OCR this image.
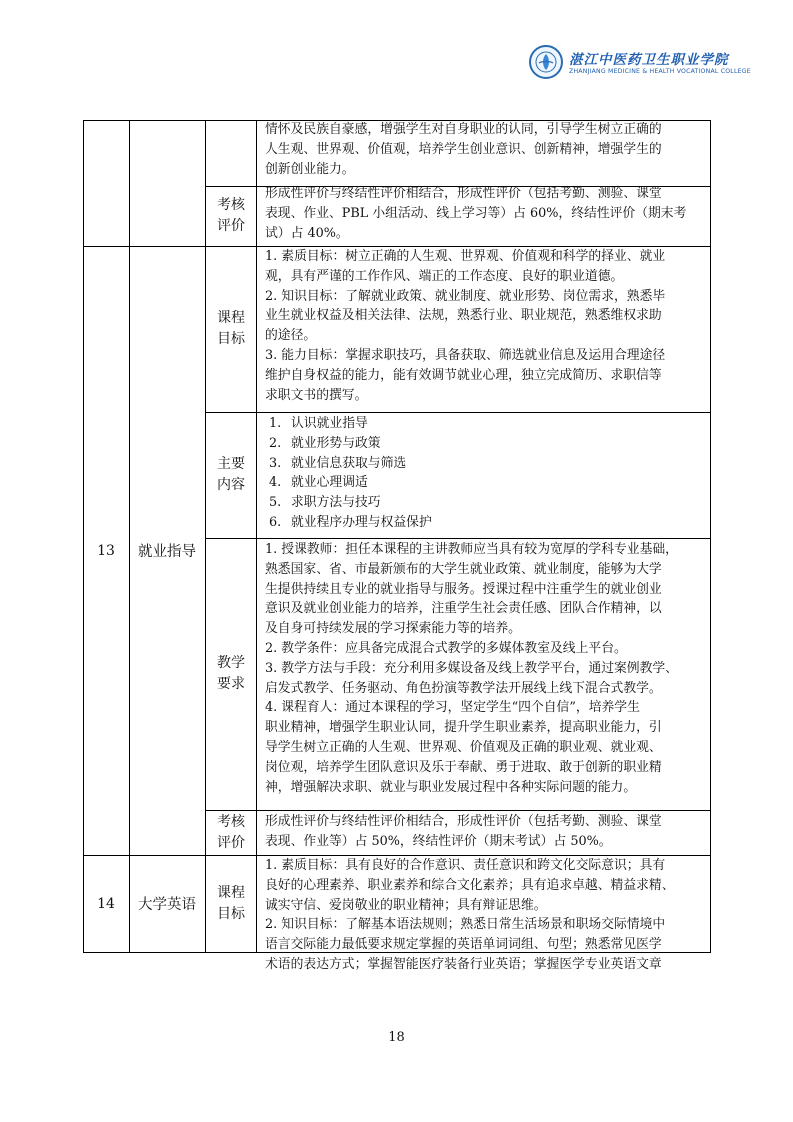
湛江中医药卫生职业学院
ZHANJIANG MEDICINE & HEALTH VOCATIONAL COLLEGE

情怀及民族自豪感，增强学生对自身职业的认同，引导学生树立正确的

人生观、世界观、价值观，培养学生创业意识、创新精神，增强学生的

创新创业能力。

考核评价

形成性评价与终结性评价相结合，形成性评价（包括考勤、测验、课堂

表现、作业、PBL 小组活动、线上学习等）占 60%，终结性评价（期末考

试）占 40%。

13	就业指导
课程目标

1. 素质目标：树立正确的人生观、世界观、价值观和科学的择业、就业

观，具有严谨的工作作风、端正的工作态度、良好的职业道德。

2. 知识目标：了解就业政策、就业制度、就业形势、岗位需求，熟悉毕

业生就业权益及相关法律、法规，熟悉行业、职业规范，熟悉维权求助

的途径。

3. 能力目标：掌握求职技巧，具备获取、筛选就业信息及运用合理途径

维护自身权益的能力，能有效调节就业心理，独立完成简历、求职信等

求职文书的撰写。

主要内容
1. 认识就业指导
2. 就业形势与政策
3. 就业信息获取与筛选
4. 就业心理调适
5. 求职方法与技巧
6. 就业程序办理与权益保护
教学要求

1. 授课教师：担任本课程的主讲教师应当具有较为宽厚的学科专业基础，

熟悉国家、省、市最新颁布的大学生就业政策、就业制度，能够为大学

生提供持续且专业的就业指导与服务。授课过程中注重学生的就业创业

意识及就业创业能力的培养，注重学生社会责任感、团队合作精神，以

及自身可持续发展的学习探索能力等的培养。

2. 教学条件：应具备完成混合式教学的多媒体教室及线上平台。

3. 教学方法与手段：充分利用多媒设备及线上教学平台，通过案例教学、

启发式教学、任务驱动、角色扮演等教学法开展线上线下混合式教学。

4. 课程育人：通过本课程的学习，坚定学生“四个自信”，培养学生

职业精神，增强学生职业认同，提升学生职业素养，提高职业能力，引

导学生树立正确的人生观、世界观、价值观及正确的职业观、就业观、

岗位观，培养学生团队意识及乐于奉献、勇于进取、敢于创新的职业精

神，增强解决求职、就业与职业发展过程中各种实际问题的能力。

考核评价

形成性评价与终结性评价相结合，形成性评价（包括考勤、测验、课堂

表现、作业等）占 50%，终结性评价（期末考试）占 50%。

14	大学英语
课程目标

1. 素质目标：具有良好的合作意识、责任意识和跨文化交际意识；具有

良好的心理素养、职业素养和综合文化素养；具有追求卓越、精益求精、

诚实守信、爱岗敬业的职业精神；具有辩证思维。

2. 知识目标：了解基本语法规则；熟悉日常生活场景和职场交际情境中

语言交际能力最低要求规定掌握的英语单词词组、句型；熟悉常见医学

术语的表达方式；掌握智能医疗装备行业英语；掌握医学专业英语文章

18
